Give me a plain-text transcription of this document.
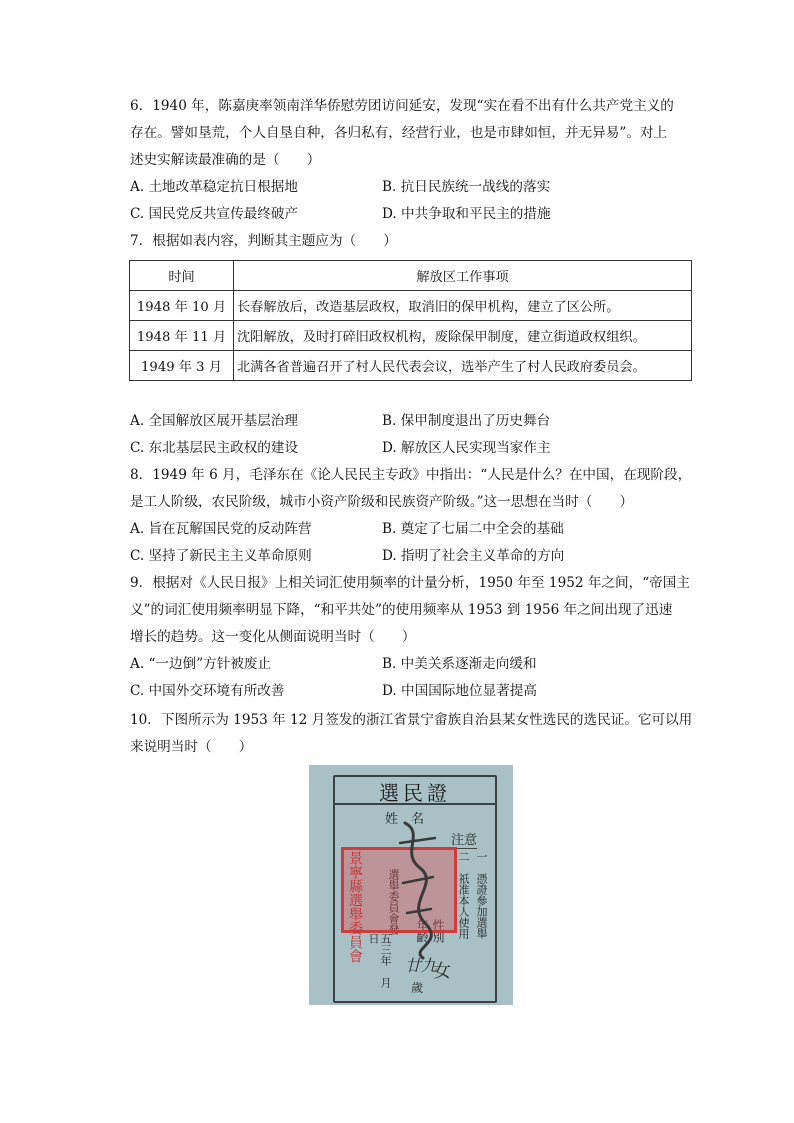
6．1940 年，陈嘉庚率领南洋华侨慰劳团访问延安，发现“实在看不出有什么共产党主义的
存在。譬如垦荒，个人自垦自种，各归私有，经营行业，也是市肆如恒，并无异易”。对上
述史实解读最准确的是（　　）
A. 土地改革稳定抗日根据地	B. 抗日民族统一战线的落实
C. 国民党反共宣传最终破产	D. 中共争取和平民主的措施
7．根据如表内容，判断其主题应为（　　）
时间	解放区工作事项
1948 年 10 月	长春解放后，改造基层政权，取消旧的保甲机构，建立了区公所。
1948 年 11 月	沈阳解放，及时打碎旧政权机构，废除保甲制度，建立街道政权组织。
1949 年 3 月	北满各省普遍召开了村人民代表会议，选举产生了村人民政府委员会。
A. 全国解放区展开基层治理	B. 保甲制度退出了历史舞台
C. 东北基层民主政权的建设	D. 解放区人民实现当家作主
8．1949 年 6 月，毛泽东在《论人民民主专政》中指出：“人民是什么？在中国，在现阶段，
是工人阶级，农民阶级，城市小资产阶级和民族资产阶级。”这一思想在当时（　　）
A. 旨在瓦解国民党的反动阵营	B. 奠定了七届二中全会的基础
C. 坚持了新民主主义革命原则	D. 指明了社会主义革命的方向
9．根据对《人民日报》上相关词汇使用频率的计量分析，1950 年至 1952 年之间，“帝国主
义”的词汇使用频率明显下降，“和平共处”的使用频率从 1953 到 1956 年之间出现了迅速
增长的趋势。这一变化从侧面说明当时（　　）
A. “一边倒”方针被废止	B. 中美关系逐渐走向缓和
C. 中国外交环境有所改善	D. 中国国际地位显著提高
10．下图所示为 1953 年 12 月签发的浙江省景宁畲族自治县某女性选民的选民证。它可以用
来说明当时（　　）
選民證
姓　名
注意
一　憑證參加選舉
二　祇准本人使用
性別
年齡
女
廿九
歲
選舉委員會發
景寧縣選舉委員會	五三年　月　日
